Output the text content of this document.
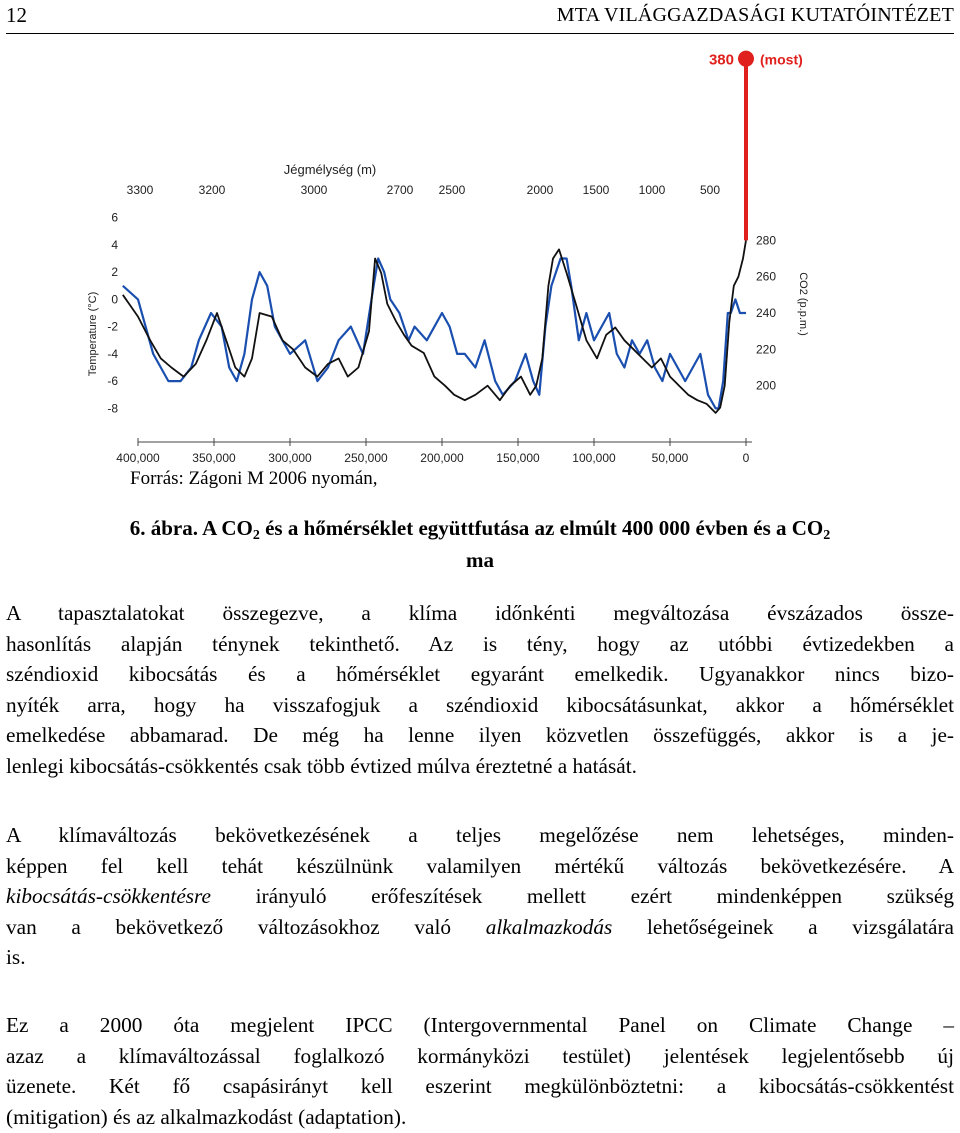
12	MTA VILÁGGAZDASÁGI KUTATÓINTÉZET
Jégmélység (m)
3300	3200	3000	2700 2500	2000 1500 1000	500
400,000	350,000	300,000	250,000	200,000	150,000	100,000	50,000	0
6
4
2
0
-2
-4
-6
-8
Temperature (°C)
280
260
240
220
200
CO2 (p.p.m.)
380 (most)
Forrás: Zágoni M 2006 nyomán,
6. ábra. A $CO_2$ és a hőmérséklet együttfutása az elmúlt 400 000 évben és a $CO_2$
ma
A tapasztalatokat összegezve, a klíma időnkénti megváltozása évszázados össze-
hasonlítás alapján ténynek tekinthető. Az is tény, hogy az utóbbi évtizedekben a
széndioxid kibocsátás és a hőmérséklet egyaránt emelkedik. Ugyanakkor nincs bizo-
nyíték arra, hogy ha visszafogjuk a széndioxid kibocsátásunkat, akkor a hőmérséklet
emelkedése abbamarad. De még ha lenne ilyen közvetlen összefüggés, akkor is a je-
lenlegi kibocsátás-csökkentés csak több évtized múlva éreztetné a hatását.
A klímaváltozás bekövetkezésének a teljes megelőzése nem lehetséges, minden-
képpen fel kell tehát készülnünk valamilyen mértékű változás bekövetkezésére. A
kibocsátás-csökkentésre irányuló erőfeszítések mellett ezért mindenképpen szükség
van a bekövetkező változásokhoz való alkalmazkodás lehetőségeinek a vizsgálatára
is.
Ez a 2000 óta megjelent IPCC (Intergovernmental Panel on Climate Change –
azaz a klímaváltozással foglalkozó kormányközi testület) jelentések legjelentősebb új
üzenete. Két fő csapásirányt kell eszerint megkülönböztetni: a kibocsátás-csökkentést
(mitigation) és az alkalmazkodást (adaptation).
